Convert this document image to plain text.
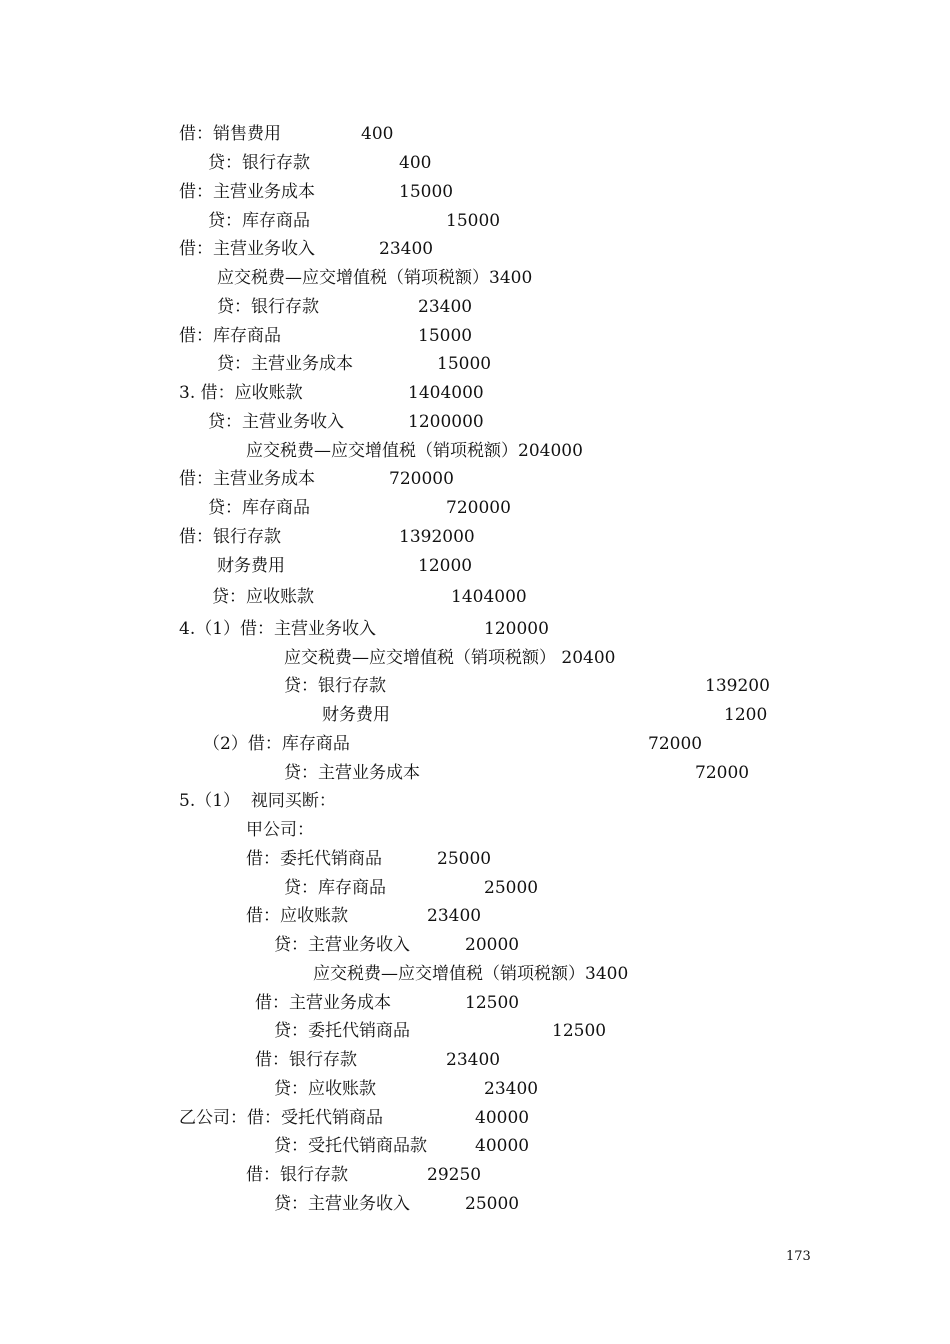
借：销售费用	400
贷：银行存款	400
借：主营业务成本	15000
贷：库存商品	15000
借：主营业务收入	23400
应交税费—应交增值税（销项税额）3400
贷：银行存款	23400
借：库存商品	15000
贷：主营业务成本	15000
3. 借：应收账款	1404000
贷：主营业务收入	1200000
应交税费—应交增值税（销项税额）204000
借：主营业务成本	720000
贷：库存商品	720000
借：银行存款	1392000
财务费用	12000
贷：应收账款	1404000
4.（1）借：主营业务收入	120000
应交税费—应交增值税（销项税额） 20400
贷：银行存款	139200
财务费用	1200
（2）借：库存商品	72000
贷：主营业务成本	72000
5.（1）  视同买断：
甲公司：
借：委托代销商品	25000
贷：库存商品	25000
借：应收账款	23400
贷：主营业务收入	20000
应交税费—应交增值税（销项税额）3400
借：主营业务成本	12500
贷：委托代销商品	12500
借：银行存款	23400
贷：应收账款	23400
乙公司：借：受托代销商品	40000
贷：受托代销商品款	40000
借：银行存款	29250
贷：主营业务收入	25000
173
